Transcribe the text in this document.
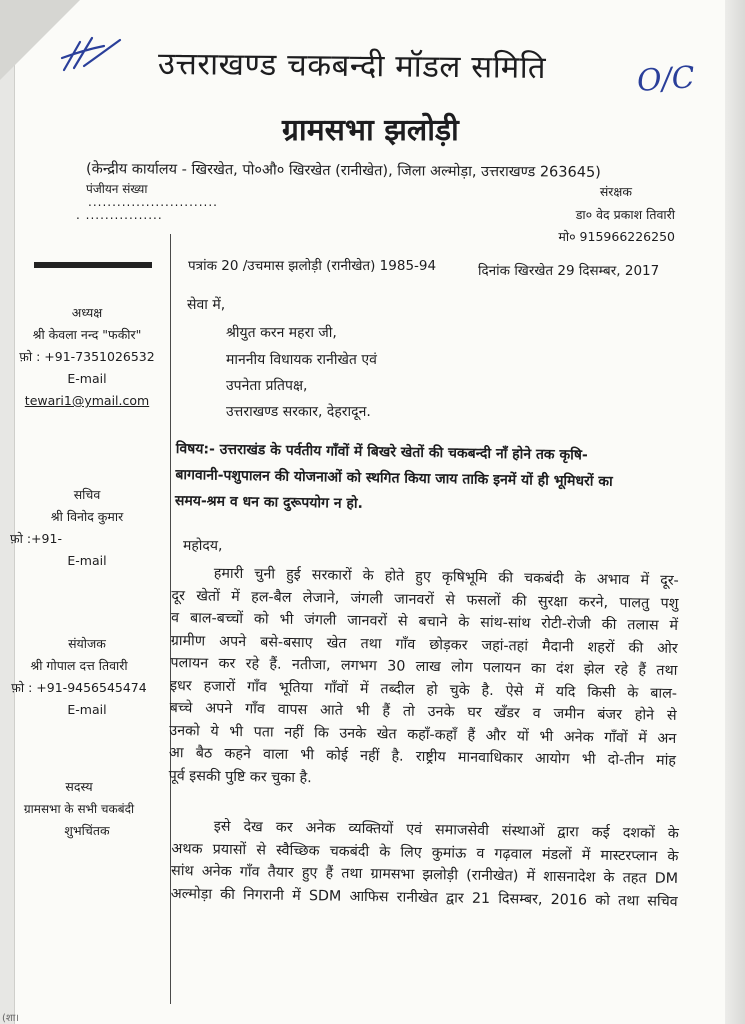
O/C
उत्तराखण्ड चकबन्दी मॉडल समिति
ग्रामसभा झलोड़ी
(केन्द्रीय कार्यालय - खिरखेत, पो०औ० खिरखेत (रानीखेत), जिला अल्मोड़ा, उत्तराखण्ड 263645)
पंजीयन संख्या
...........................
. ................
संरक्षक
डा० वेद प्रकाश तिवारी
मो० 915966226250
अध्यक्ष
श्री केवला नन्द "फकीर"
फ़ो : +91-7351026532
E-mail
tewari1@ymail.com
सचिव
श्री विनोद कुमार
फ़ो :+91-
E-mail
संयोजक
श्री गोपाल दत्त तिवारी
फ़ो : +91-9456545474
E-mail
सदस्य
ग्रामसभा के सभी चकबंदी
शुभचिंतक
पत्रांक 20 /उचमास झलोड़ी (रानीखेत) 1985-94	दिनांक खिरखेत 29 दिसम्बर, 2017
सेवा में,
श्रीयुत करन महरा जी,
माननीय विधायक रानीखेत एवं
उपनेता प्रतिपक्ष,
उत्तराखण्ड सरकार, देहरादून.
विषय:- उत्तराखंड के पर्वतीय गाँवों में बिखरे खेतों की चकबन्दी नाँ होने तक कृषि-
बागवानी-पशुपालन की योजनाओं को स्थगित किया जाय ताकि इनमें यों ही भूमिधरों का
समय-श्रम व धन का दुरूपयोग न हो.
महोदय,
हमारी चुनी हुई सरकारों के होते हुए कृषिभूमि की चकबंदी के अभाव में दूर-
दूर खेतों में हल-बैल लेजाने, जंगली जानवरों से फसलों की सुरक्षा करने, पालतु पशु
व बाल-बच्चों को भी जंगली जानवरों से बचाने के सांथ-सांथ रोटी-रोजी की तलास में
ग्रामीण अपने बसे-बसाए खेत तथा गाँव छोड़कर जहां-तहां मैदानी शहरों की ओर
पलायन कर रहे हैं. नतीजा, लगभग 30 लाख लोग पलायन का दंश झेल रहे हैं तथा
इधर हजारों गाँव भूतिया गाँवों में तब्दील हो चुके है. ऐसे में यदि किसी के बाल-
बच्चे अपने गाँव वापस आते भी हैं तो उनके घर खँडर व जमीन बंजर होने से
उनको ये भी पता नहीं कि उनके खेत कहाँ-कहाँ हैं और यों भी अनेक गाँवों में अन
आ बैठ कहने वाला भी कोई नहीं है. राष्ट्रीय मानवाधिकार आयोग भी दो-तीन मांह
पूर्व इसकी पुष्टि कर चुका है.
इसे देख कर अनेक व्यक्तियों एवं समाजसेवी संस्थाओं द्वारा कई दशकों के
अथक प्रयासों से स्वैच्छिक चकबंदी के लिए कुमांऊ व गढ़वाल मंडलों में मास्टरप्लान के
सांथ अनेक गाँव तैयार हुए हैं तथा ग्रामसभा झलोड़ी (रानीखेत) में शासनादेश के तहत DM
अल्मोड़ा की निगरानी में SDM आफिस रानीखेत द्वार 21 दिसम्बर, 2016 को तथा सचिव
(शा।
